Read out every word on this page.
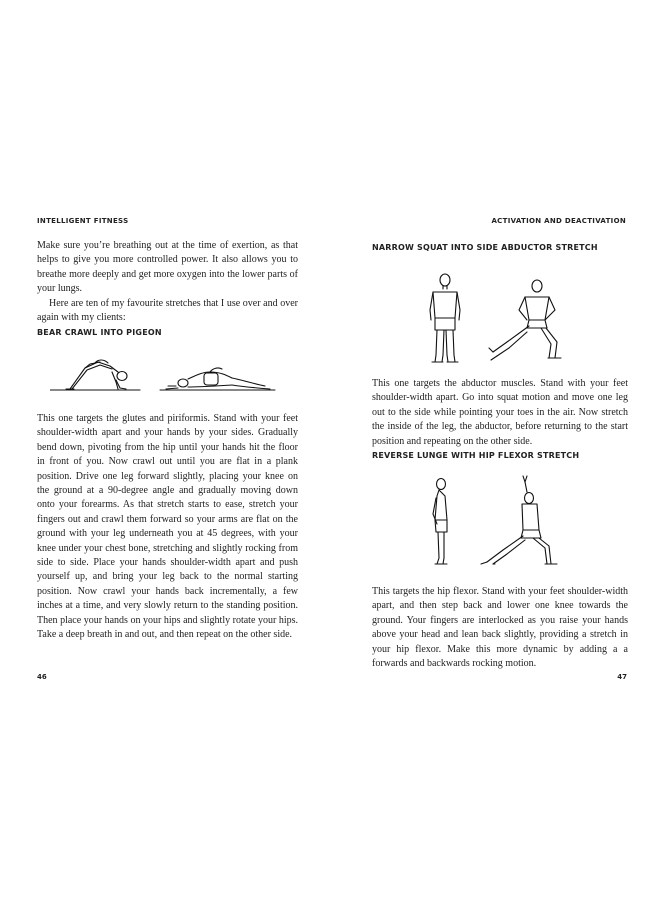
INTELLIGENT FITNESS

Make sure you’re breathing out at the time of exertion, as that helps to give you more controlled power. It also allows you to breathe more deeply and get more oxygen into the lower parts of your lungs.

Here are ten of my favourite stretches that I use over and over again with my clients:

BEAR CRAWL INTO PIGEON

This one targets the glutes and piriformis. Stand with your feet shoulder-width apart and your hands by your sides. Gradually bend down, pivoting from the hip until your hands hit the floor in front of you. Now crawl out until you are flat in a plank position. Drive one leg forward slightly, placing your knee on the ground at a 90-degree angle and gradually moving down onto your forearms. As that stretch starts to ease, stretch your fingers out and crawl them forward so your arms are flat on the ground with your leg underneath you at 45 degrees, with your knee under your chest bone, stretching and slightly rocking from side to side. Place your hands shoulder-width apart and push yourself up, and bring your leg back to the normal starting position. Now crawl your hands back incrementally, a few inches at a time, and very slowly return to the standing position. Then place your hands on your hips and slightly rotate your hips. Take a deep breath in and out, and then repeat on the other side.

46
ACTIVATION AND DEACTIVATION
NARROW SQUAT INTO SIDE ABDUCTOR STRETCH

This one targets the abductor muscles. Stand with your feet shoulder-width apart. Go into squat motion and move one leg out to the side while pointing your toes in the air. Now stretch the inside of the leg, the abductor, before returning to the start position and repeating on the other side.

REVERSE LUNGE WITH HIP FLEXOR STRETCH

This targets the hip flexor. Stand with your feet shoulder-width apart, and then step back and lower one knee towards the ground. Your fingers are interlocked as you raise your hands above your head and lean back slightly, providing a stretch in your hip flexor. Make this more dynamic by adding a a forwards and backwards rocking motion.

47
